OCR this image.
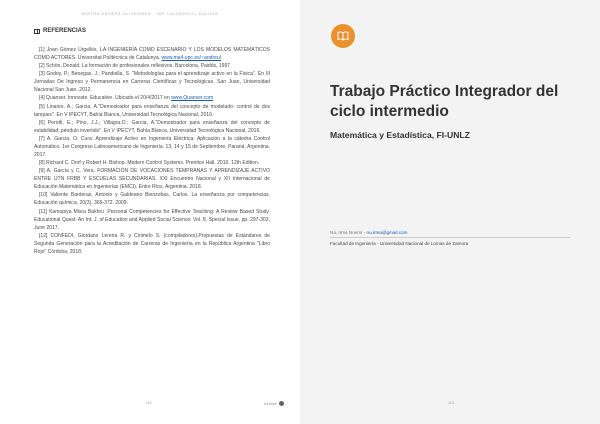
MIRTHA ANDREA OLIVERMEN · INE CALDERNICI GALICIA
REFERENCIAS

[1] Joan Gómez Urgellés. LA INGENIERÍA COMO ESCENARIO Y LOS MODELOS MATEMÁTICOS COMO ACTORES. Universitat Politècnica de Catalunya. www.ma4.upc.es/~andreu/

[2] Schön, Donald. La formación de profesionales reflexivos. Barcelona, Paidós, 1997

[3] Godoy, P.; Benegas, J.; Pandiella, S. "Metodologías para el aprendizaje activo en la Física". En III Jornadas De Ingreso y Permanencia en Carreras Científicas y Tecnológicas. San Juan, Universidad Nacional San Juan. 2012.

[4] Quanser. Innovate. Educative. Ubicado el 20/4/2017 en www.Quanser.com

[5] Linares, A.; Garcia, A."Demostrador para enseñanza del concepto de modelado: control de dos tanques". En V IPECYT, Bahía Blanca, Universidad Tecnológica Nacional, 2016.

[6] Perotti, E.; Pino, J.J.; Villagra,O.; Garcia, A."Demostrador para enseñanza del concepto de estabilidad: péndulo invertido". En V IPECYT, Bahía Blanca, Universidad Tecnológica Nacional, 2016.

[7] A. Garcia; O. Cura: Aprendizaje Activo en Ingeniería Eléctrica: Aplicación a la cátedra Control Automático. 1er Congreso Latinoamericano de Ingeniería. 13, 14 y 15 de Septiembre, Paraná, Argentina. 2017.

[8] Richard C. Dorf y Robert H. Bishop. Modern Control Systems. Prentice Hall. 2010. 12th Edition.

[9] A. García y C. Vera. FORMACIÓN DE VOCACIONES TEMPRANAS Y APRENDIZAJE ACTIVO ENTRE UTN FRBB Y ESCUELAS SECUNDARIAS. XXI Encuentro Nacional y XII Internacional de Educación Matemática en Ingenierías (EMCI). Entre Ríos, Argentina. 2018.

[10] Valiente Barderas, Antonio y Galdeano Bienzobas, Carlos. La enseñanza por competencias. Educación química, 20(3), 369-372. 2009.

[11] Kamupiya Misra Bakhru .Personal Competencies for Effective Teaching: A Review Based Study. Educational Quest: An Int. J. of Education and Applied Social Science: Vol. 8, Special Issue, pp. 297-303, June 2017.

[12] CONFEDI, Giordano Lerena R. y Cirimelo S. (compiladores).Propuestas de Estándares de Segunda Generación para la Acreditación de Carreras de Ingeniería en la República Argentina "Libro Rojo" Córdoba, 2018.

112	ha fines
Trabajo Práctico Integrador del ciclo intermedio
Matemática y Estadística, FI-UNLZ
Na, Irma Noemí - nu.irma@gmail.com
Facultad de Ingeniería - Universidad Nacional de Lomas de Zamora
113
